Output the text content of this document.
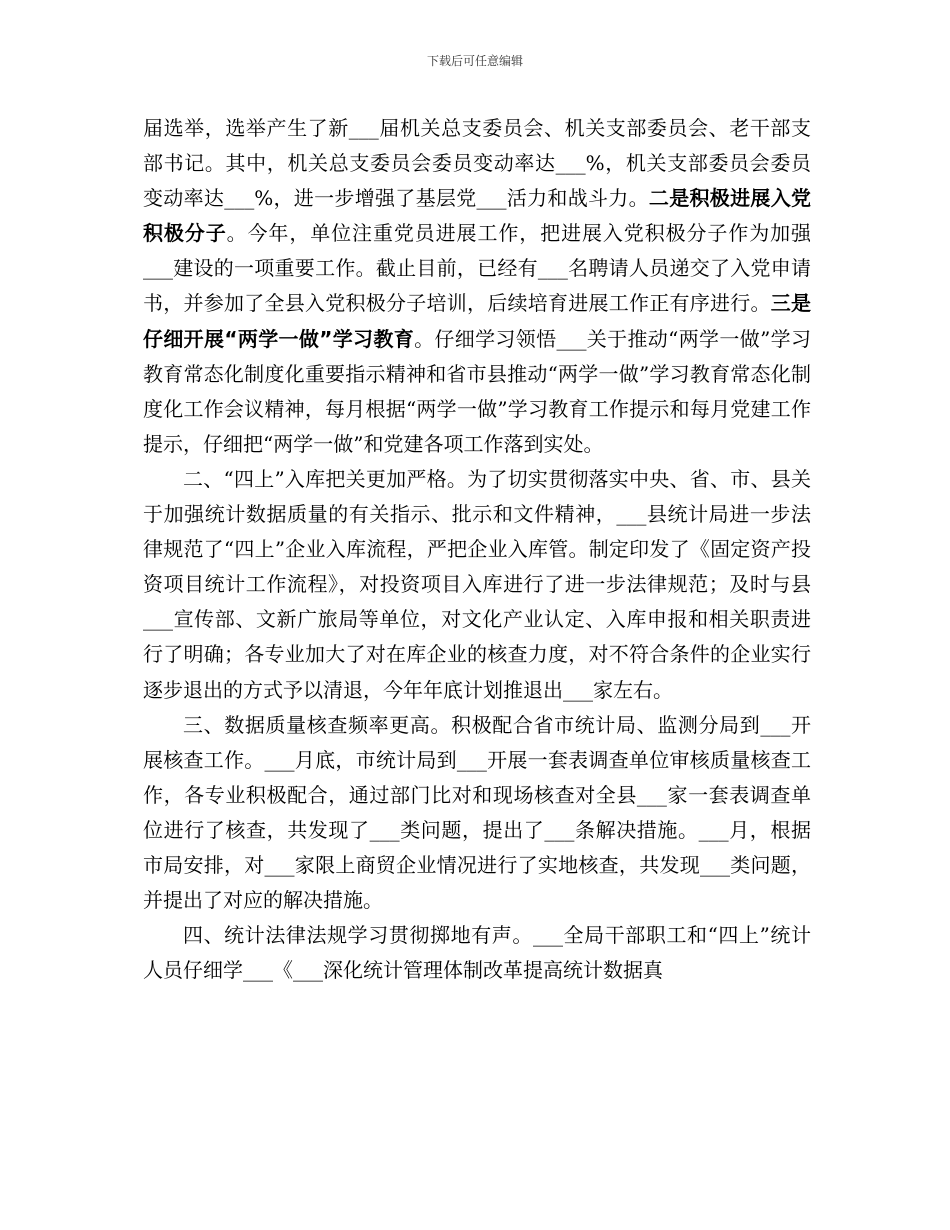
下载后可任意编辑

届选举，选举产生了新___届机关总支委员会、机关支部委员会、老干部支部书记。其中，机关总支委员会委员变动率达___%，机关支部委员会委员变动率达___%，进一步增强了基层党___活力和战斗力。二是积极进展入党积极分子。今年，单位注重党员进展工作，把进展入党积极分子作为加强___建设的一项重要工作。截止目前，已经有___名聘请人员递交了入党申请书，并参加了全县入党积极分子培训，后续培育进展工作正有序进行。三是仔细开展“两学一做”学习教育。仔细学习领悟___关于推动“两学一做”学习教育常态化制度化重要指示精神和省市县推动“两学一做”学习教育常态化制度化工作会议精神，每月根据“两学一做”学习教育工作提示和每月党建工作提示，仔细把“两学一做”和党建各项工作落到实处。

二、“四上”入库把关更加严格。为了切实贯彻落实中央、省、市、县关于加强统计数据质量的有关指示、批示和文件精神，___县统计局进一步法律规范了“四上”企业入库流程，严把企业入库管。制定印发了《固定资产投资项目统计工作流程》，对投资项目入库进行了进一步法律规范；及时与县___宣传部、文新广旅局等单位，对文化产业认定、入库申报和相关职责进行了明确；各专业加大了对在库企业的核查力度，对不符合条件的企业实行逐步退出的方式予以清退，今年年底计划推退出___家左右。

三、数据质量核查频率更高。积极配合省市统计局、监测分局到___开展核查工作。___月底，市统计局到___开展一套表调查单位审核质量核查工作，各专业积极配合，通过部门比对和现场核查对全县___家一套表调查单位进行了核查，共发现了___类问题，提出了___条解决措施。___月，根据市局安排，对___家限上商贸企业情况进行了实地核查，共发现___类问题，并提出了对应的解决措施。

四、统计法律法规学习贯彻掷地有声。___全局干部职工和“四上”统计人员仔细学___《___深化统计管理体制改革提高统计数据真
